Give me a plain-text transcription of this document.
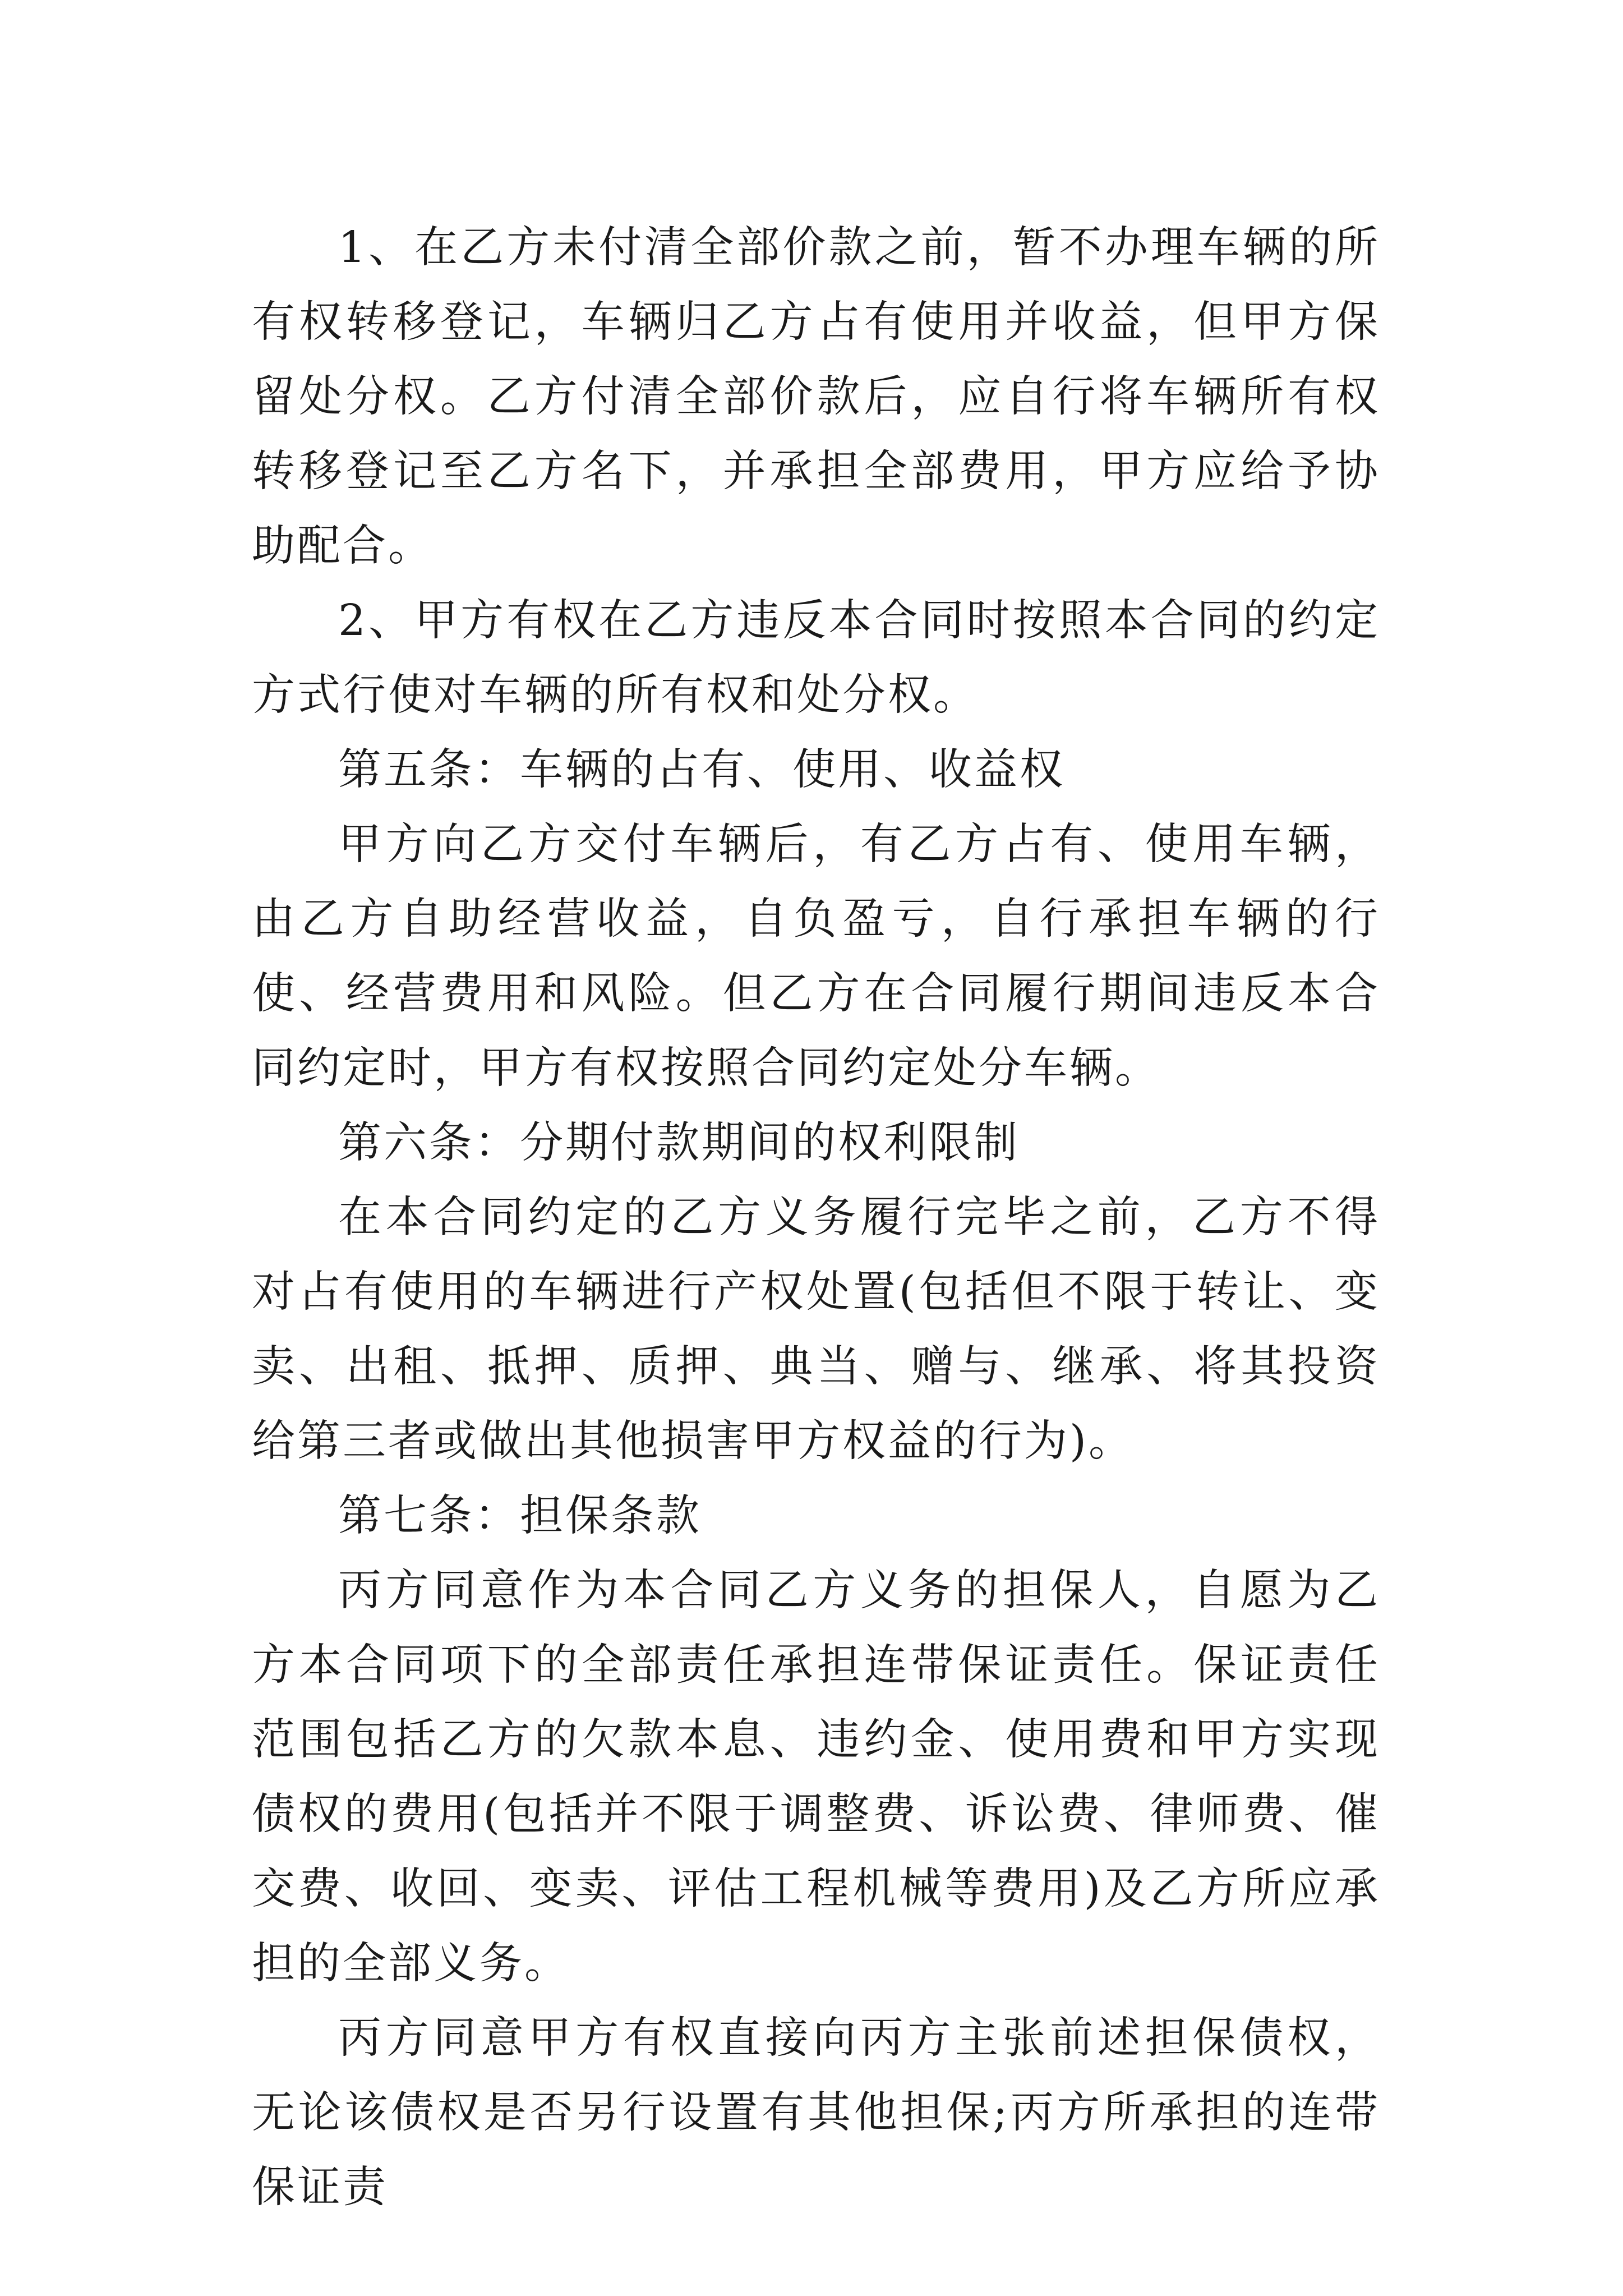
1、在乙方未付清全部价款之前，暂不办理车辆的所有权转移登记，车辆归乙方占有使用并收益，但甲方保留处分权。乙方付清全部价款后，应自行将车辆所有权转移登记至乙方名下，并承担全部费用，甲方应给予协助配合。

2、甲方有权在乙方违反本合同时按照本合同的约定方式行使对车辆的所有权和处分权。

第五条：车辆的占有、使用、收益权

甲方向乙方交付车辆后，有乙方占有、使用车辆，由乙方自助经营收益，自负盈亏，自行承担车辆的行使、经营费用和风险。但乙方在合同履行期间违反本合同约定时，甲方有权按照合同约定处分车辆。

第六条：分期付款期间的权利限制

在本合同约定的乙方义务履行完毕之前，乙方不得对占有使用的车辆进行产权处置(包括但不限于转让、变卖、出租、抵押、质押、典当、赠与、继承、将其投资给第三者或做出其他损害甲方权益的行为)。

第七条：担保条款

丙方同意作为本合同乙方义务的担保人，自愿为乙方本合同项下的全部责任承担连带保证责任。保证责任范围包括乙方的欠款本息、违约金、使用费和甲方实现债权的费用(包括并不限于调整费、诉讼费、律师费、催交费、收回、变卖、评估工程机械等费用)及乙方所应承担的全部义务。

丙方同意甲方有权直接向丙方主张前述担保债权，无论该债权是否另行设置有其他担保;丙方所承担的连带保证责
